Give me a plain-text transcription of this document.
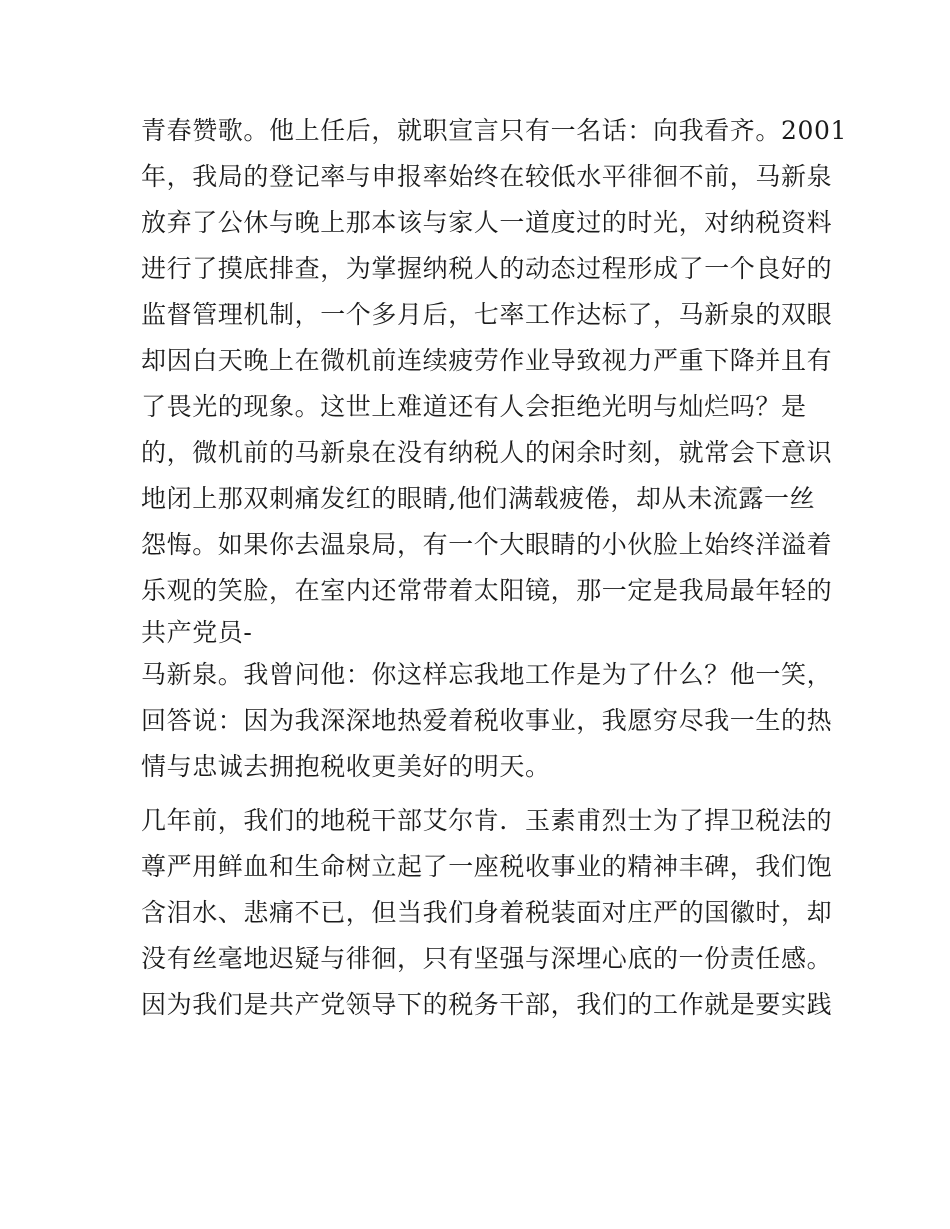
青春赞歌。他上任后，就职宣言只有一名话：向我看齐。2001
年，我局的登记率与申报率始终在较低水平徘徊不前，马新泉
放弃了公休与晚上那本该与家人一道度过的时光，对纳税资料
进行了摸底排查，为掌握纳税人的动态过程形成了一个良好的
监督管理机制，一个多月后，七率工作达标了，马新泉的双眼
却因白天晚上在微机前连续疲劳作业导致视力严重下降并且有
了畏光的现象。这世上难道还有人会拒绝光明与灿烂吗？是
的，微机前的马新泉在没有纳税人的闲余时刻，就常会下意识
地闭上那双刺痛发红的眼睛,他们满载疲倦，却从未流露一丝
怨悔。如果你去温泉局，有一个大眼睛的小伙脸上始终洋溢着
乐观的笑脸，在室内还常带着太阳镜，那一定是我局最年轻的
共产党员-
马新泉。我曾问他：你这样忘我地工作是为了什么？他一笑，
回答说：因为我深深地热爱着税收事业，我愿穷尽我一生的热
情与忠诚去拥抱税收更美好的明天。
几年前，我们的地税干部艾尔肯．玉素甫烈士为了捍卫税法的
尊严用鲜血和生命树立起了一座税收事业的精神丰碑，我们饱
含泪水、悲痛不已，但当我们身着税装面对庄严的国徽时，却
没有丝毫地迟疑与徘徊，只有坚强与深埋心底的一份责任感。
因为我们是共产党领导下的税务干部，我们的工作就是要实践
